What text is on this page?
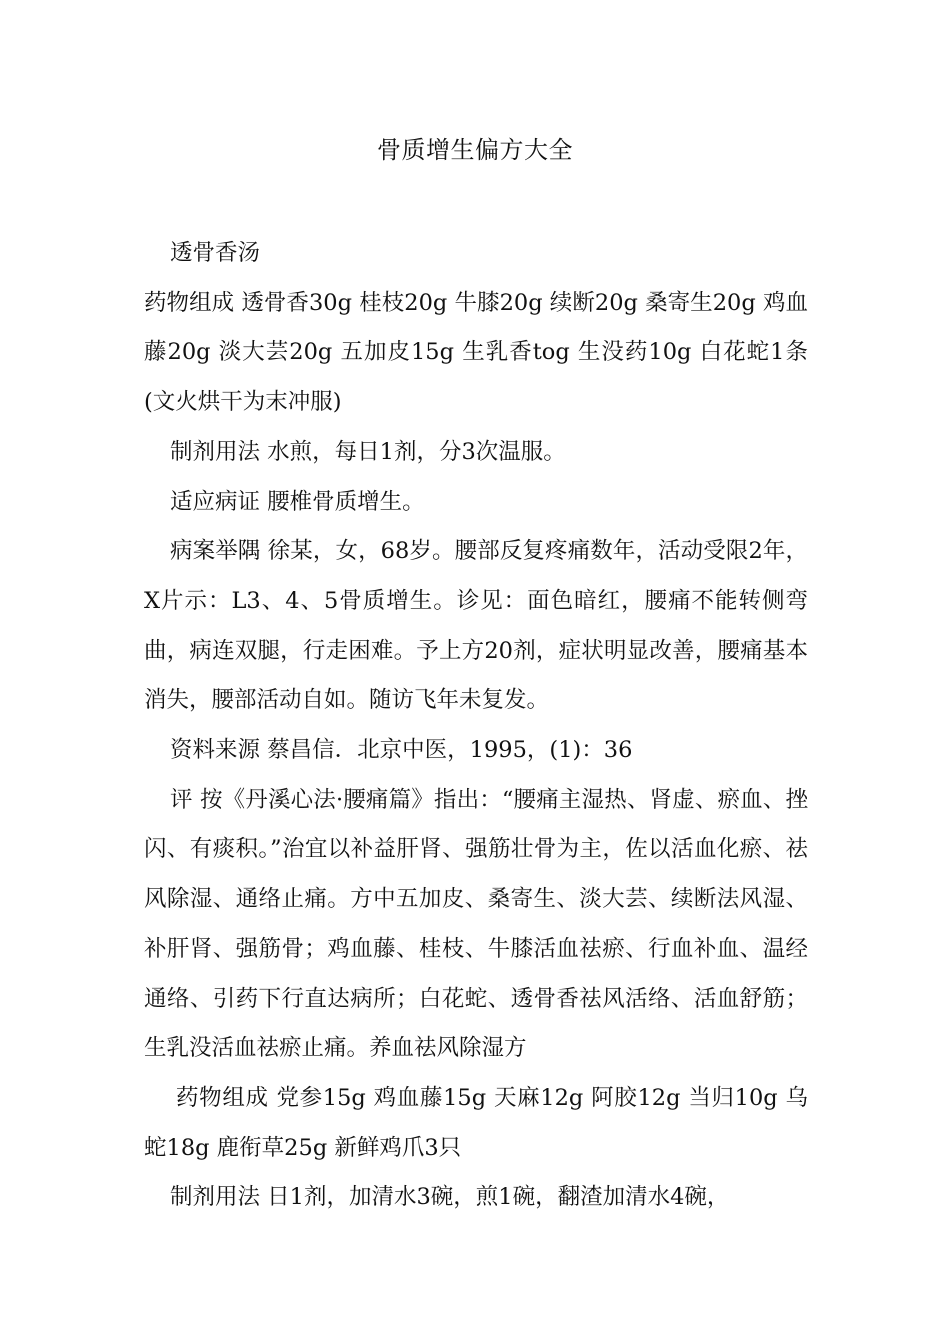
骨质增生偏方大全

透骨香汤

药物组成 透骨香30g 桂枝20g 牛膝20g 续断20g 桑寄生20g 鸡血藤20g 淡大芸20g 五加皮15g 生乳香tog 生没药10g 白花蛇1条(文火烘干为末冲服)

制剂用法 水煎，每日1剂，分3次温服。

适应病证 腰椎骨质增生。

病案举隅 徐某，女，68岁。腰部反复疼痛数年，活动受限2年，X片示：L3、4、5骨质增生。诊见：面色暗红，腰痛不能转侧弯曲，病连双腿，行走困难。予上方20剂，症状明显改善，腰痛基本消失，腰部活动自如。随访飞年未复发。

资料来源 蔡昌信．北京中医，1995，(1)：36

评 按《丹溪心法·腰痛篇》指出：“腰痛主湿热、肾虚、瘀血、挫闪、有痰积。”治宜以补益肝肾、强筋壮骨为主，佐以活血化瘀、祛风除湿、通络止痛。方中五加皮、桑寄生、淡大芸、续断法风湿、补肝肾、强筋骨；鸡血藤、桂枝、牛膝活血祛瘀、行血补血、温经通络、引药下行直达病所；白花蛇、透骨香祛风活络、活血舒筋；生乳没活血祛瘀止痛。养血祛风除湿方

药物组成 党参15g 鸡血藤15g 天麻12g 阿胶12g 当归10g 乌蛇18g 鹿衔草25g 新鲜鸡爪3只

制剂用法 日1剂，加清水3碗，煎1碗，翻渣加清水4碗，
